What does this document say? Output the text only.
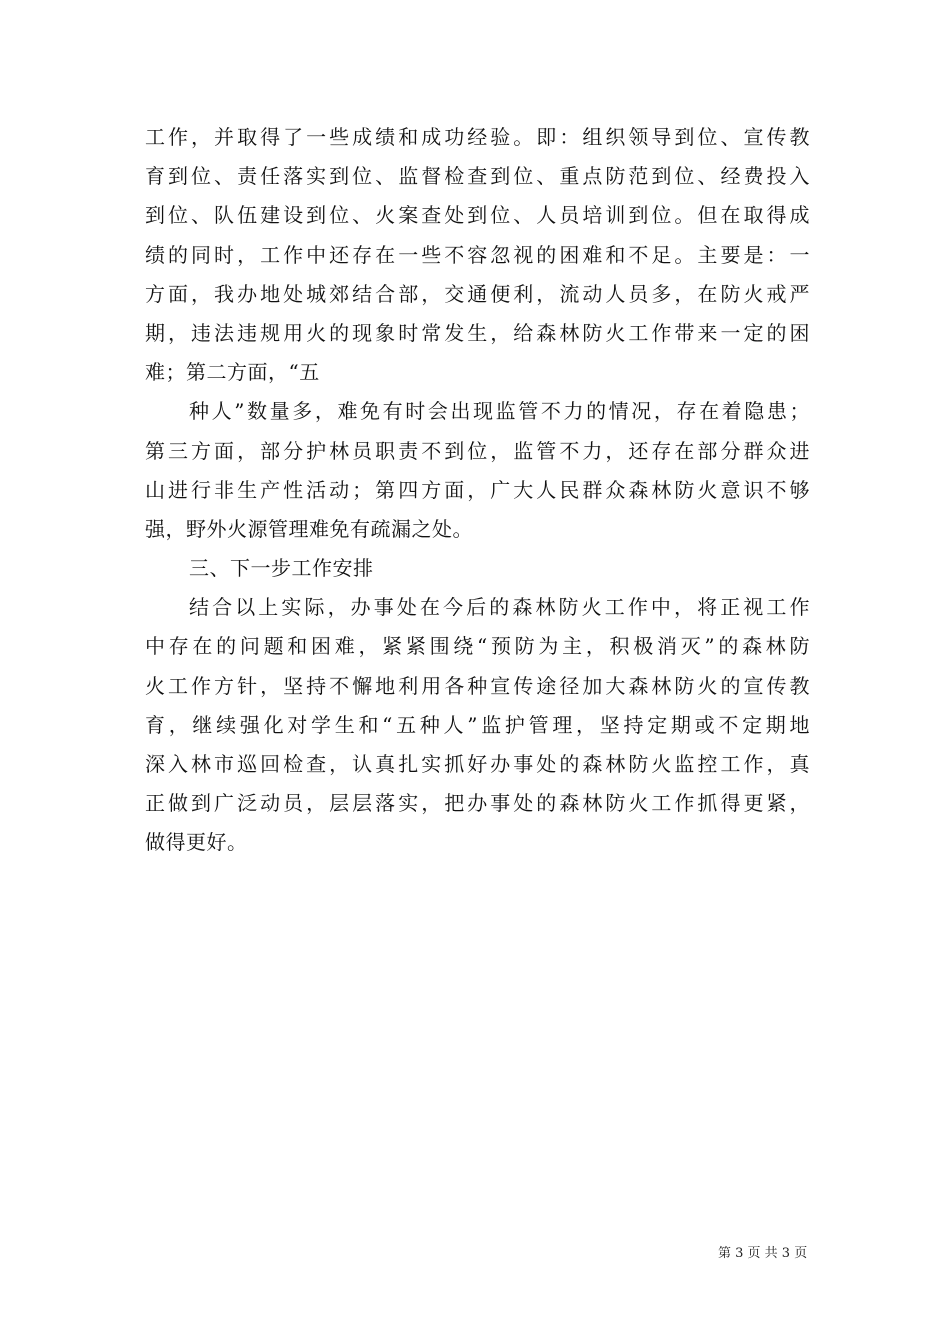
工作，并取得了一些成绩和成功经验。即：组织领导到位、宣传教
育到位、责任落实到位、监督检查到位、重点防范到位、经费投入
到位、队伍建设到位、火案查处到位、人员培训到位。但在取得成
绩的同时，工作中还存在一些不容忽视的困难和不足。主要是：一
方面，我办地处城郊结合部，交通便利，流动人员多，在防火戒严
期，违法违规用火的现象时常发生，给森林防火工作带来一定的困
难；第二方面，“五
种人”数量多，难免有时会出现监管不力的情况，存在着隐患；
第三方面，部分护林员职责不到位，监管不力，还存在部分群众进
山进行非生产性活动；第四方面，广大人民群众森林防火意识不够
强，野外火源管理难免有疏漏之处。
三、下一步工作安排
结合以上实际，办事处在今后的森林防火工作中，将正视工作
中存在的问题和困难，紧紧围绕“预防为主，积极消灭”的森林防
火工作方针，坚持不懈地利用各种宣传途径加大森林防火的宣传教
育，继续强化对学生和“五种人”监护管理，坚持定期或不定期地
深入林市巡回检查，认真扎实抓好办事处的森林防火监控工作，真
正做到广泛动员，层层落实，把办事处的森林防火工作抓得更紧，
做得更好。
第 3 页 共 3 页
